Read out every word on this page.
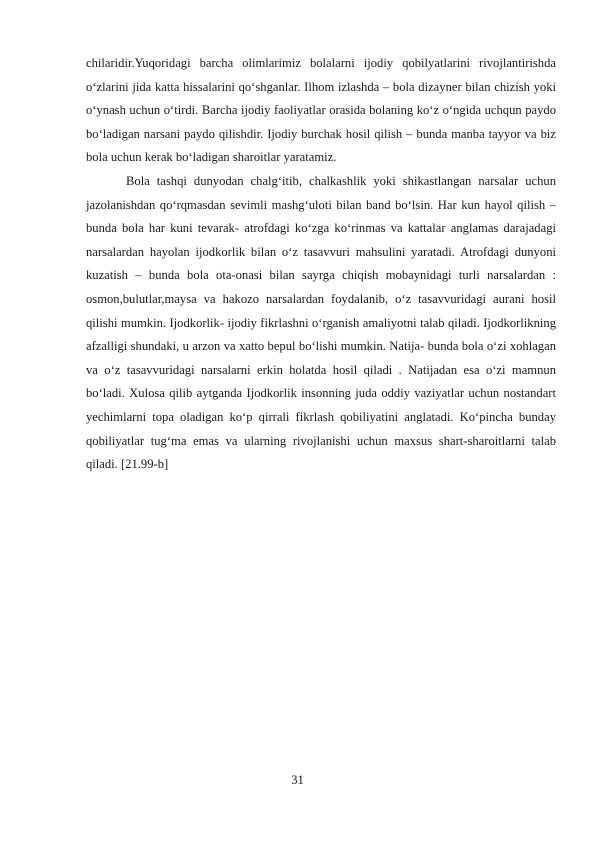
chilaridir.Yuqoridagi barcha olimlarimiz bolalarni ijodiy qobilyatlarini rivojlantirishda o‘zlarini jida katta hissalarini qo‘shganlar. Ilhom izlashda – bola dizayner bilan chizish yoki o‘ynash uchun o‘tirdi. Barcha ijodiy faoliyatlar orasida bolaning ko‘z o‘ngida uchqun paydo bo‘ladigan narsani paydo qilishdir. Ijodiy burchak hosil qilish – bunda manba tayyor va biz bola uchun kerak bo‘ladigan sharoitlar yaratamiz.

Bola tashqi dunyodan chalg‘itib, chalkashlik yoki shikastlangan narsalar uchun jazolanishdan qo‘rqmasdan sevimli mashg‘uloti bilan band bo‘lsin. Har kun hayol qilish – bunda bola har kuni tevarak- atrofdagi ko‘zga ko‘rinmas va kattalar anglamas darajadagi narsalardan hayolan ijodkorlik bilan o‘z tasavvuri mahsulini yaratadi. Atrofdagi dunyoni kuzatish – bunda bola ota-onasi bilan sayrga chiqish mobaynidagi turli narsalardan : osmon,bulutlar,maysa va hakozo narsalardan foydalanib, o‘z tasavvuridagi aurani hosil qilishi mumkin. Ijodkorlik- ijodiy fikrlashni o‘rganish amaliyotni talab qiladi. Ijodkorlikning afzalligi shundaki, u arzon va xatto bepul bo‘lishi mumkin. Natija- bunda bola o‘zi xohlagan va o‘z tasavvuridagi narsalarni erkin holatda hosil qiladi . Natijadan esa o‘zi mamnun bo‘ladi. Xulosa qilib aytganda Ijodkorlik insonning juda oddiy vaziyatlar uchun nostandart yechimlarni topa oladigan ko‘p qirrali fikrlash qobiliyatini anglatadi. Ko‘pincha bunday qobiliyatlar tug‘ma emas va ularning rivojlanishi uchun maxsus shart-sharoitlarni talab qiladi. [21.99-b]

31
